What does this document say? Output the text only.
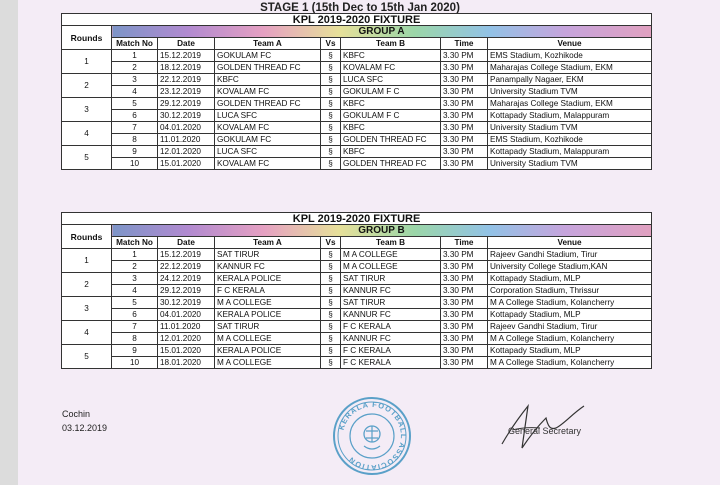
STAGE 1 (15th Dec to 15th Jan 2020)
KPL 2019-2020 FIXTURE							
Rounds	GROUP A						
	Match No	Date	Team A	Vs	Team B	Time	Venue
1	1	15.12.2019	GOKULAM FC	§	KBFC	3.30 PM	EMS Stadium, Kozhikode
	2	18.12.2019	GOLDEN THREAD FC	§	KOVALAM FC	3.30 PM	Maharajas College Stadium, EKM
2	3	22.12.2019	KBFC	§	LUCA SFC	3.30 PM	Panampally Nagaer, EKM
	4	23.12.2019	KOVALAM FC	§	GOKULAM F C	3.30 PM	University Stadium TVM
3	5	29.12.2019	GOLDEN THREAD FC	§	KBFC	3.30 PM	Maharajas College Stadium, EKM
	6	30.12.2019	LUCA SFC	§	GOKULAM F C	3.30 PM	Kottapady Stadium, Malappuram
4	7	04.01.2020	KOVALAM FC	§	KBFC	3.30 PM	University Stadium TVM
	8	11.01.2020	GOKULAM FC	§	GOLDEN THREAD FC	3.30 PM	EMS Stadium, Kozhikode
5	9	12.01.2020	LUCA SFC	§	KBFC	3.30 PM	Kottapady Stadium, Malappuram
	10	15.01.2020	KOVALAM FC	§	GOLDEN THREAD FC	3.30 PM	University Stadium TVM
KPL 2019-2020 FIXTURE							
Rounds	GROUP B						
	Match No	Date	Team A	Vs	Team B	Time	Venue
1	1	15.12.2019	SAT TIRUR	§	M A COLLEGE	3.30 PM	Rajeev Gandhi Stadium, Tirur
	2	22.12.2019	KANNUR FC	§	M A COLLEGE	3.30 PM	University College Stadium,KAN
2	3	24.12.2019	KERALA POLICE	§	SAT TIRUR	3.30 PM	Kottapady Stadium, MLP
	4	29.12.2019	F C KERALA	§	KANNUR FC	3.30 PM	Corporation Stadium, Thrissur
3	5	30.12.2019	M A COLLEGE	§	SAT TIRUR	3.30 PM	M A College Stadium, Kolancherry
	6	04.01.2020	KERALA POLICE	§	KANNUR FC	3.30 PM	Kottapady Stadium, MLP
4	7	11.01.2020	SAT TIRUR	§	F C KERALA	3.30 PM	Rajeev Gandhi Stadium, Tirur
	8	12.01.2020	M A COLLEGE	§	KANNUR FC	3.30 PM	M A College Stadium, Kolancherry
5	9	15.01.2020	KERALA POLICE	§	F C KERALA	3.30 PM	Kottapady Stadium, MLP
	10	18.01.2020	M A COLLEGE	§	F C KERALA	3.30 PM	M A College Stadium, Kolancherry
Cochin
03.12.2019	KERALA FOOTBALL ASSOCIATION
General Secretary
